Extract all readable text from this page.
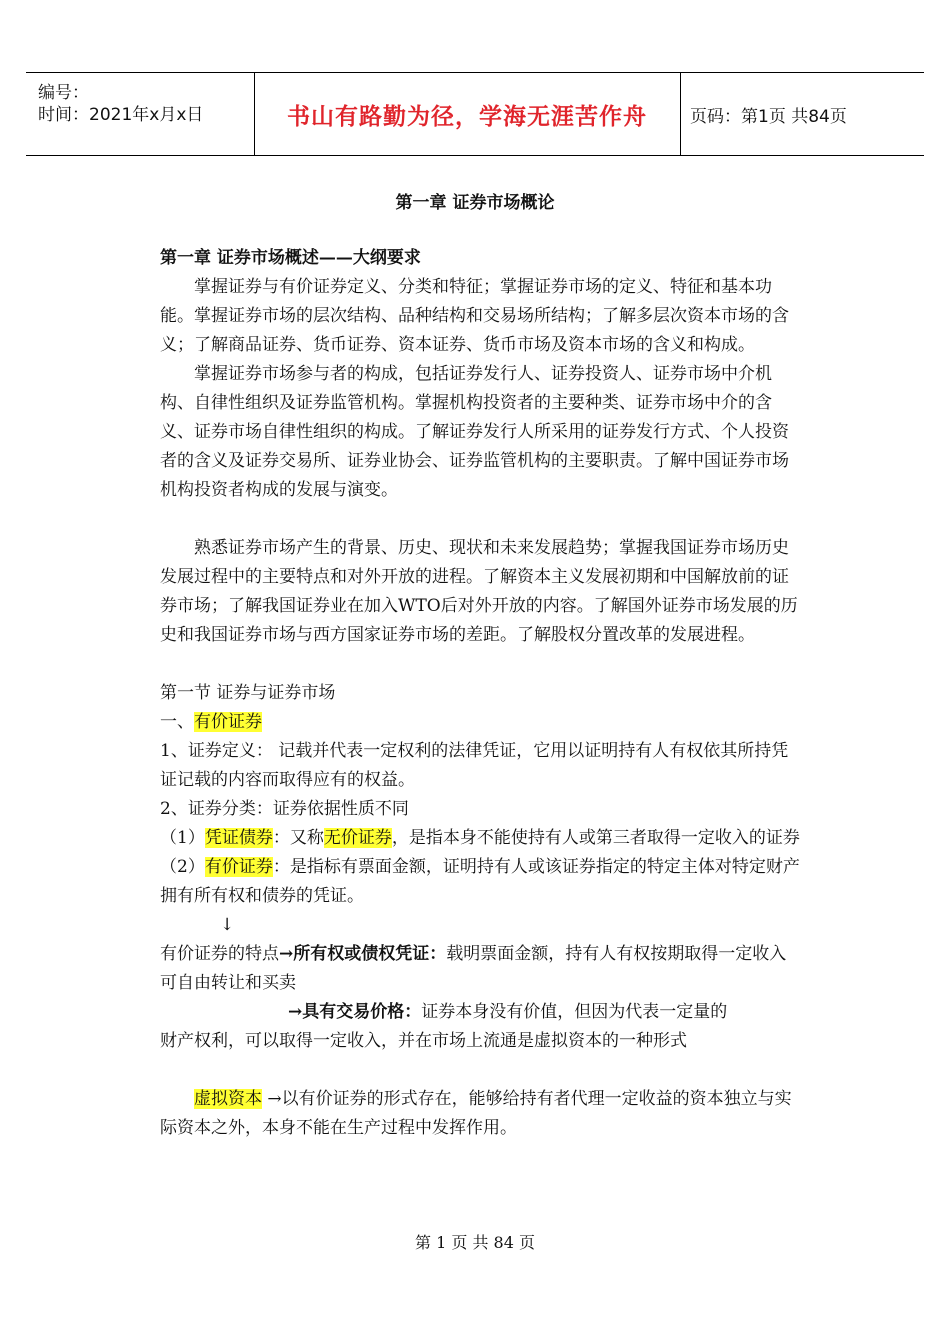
编号：
时间：2021年x月x日	书山有路勤为径，学海无涯苦作舟	页码：第1页 共84页
第一章 证券市场概论

第一章 证券市场概述——大纲要求

掌握证券与有价证券定义、分类和特征；掌握证券市场的定义、特征和基本功能。掌握证券市场的层次结构、品种结构和交易场所结构；了解多层次资本市场的含义；了解商品证券、货币证券、资本证券、货币市场及资本市场的含义和构成。

掌握证券市场参与者的构成，包括证券发行人、证券投资人、证券市场中介机构、自律性组织及证券监管机构。掌握机构投资者的主要种类、证券市场中介的含义、证券市场自律性组织的构成。了解证券发行人所采用的证券发行方式、个人投资者的含义及证券交易所、证券业协会、证券监管机构的主要职责。了解中国证券市场机构投资者构成的发展与演变。

熟悉证券市场产生的背景、历史、现状和未来发展趋势；掌握我国证券市场历史发展过程中的主要特点和对外开放的进程。了解资本主义发展初期和中国解放前的证券市场；了解我国证券业在加入WTO后对外开放的内容。了解国外证券市场发展的历史和我国证券市场与西方国家证券市场的差距。了解股权分置改革的发展进程。

第一节 证券与证券市场

一、有价证券

1、证券定义： 记载并代表一定权利的法律凭证，它用以证明持有人有权依其所持凭证记载的内容而取得应有的权益。

2、证券分类：证券依据性质不同

（1）凭证债券：又称无价证券，是指本身不能使持有人或第三者取得一定收入的证券

（2）有价证券：是指标有票面金额，证明持有人或该证券指定的特定主体对特定财产拥有所有权和债券的凭证。

↓

有价证券的特点→所有权或债权凭证：载明票面金额，持有人有权按期取得一定收入可自由转让和买卖

→具有交易价格：证券本身没有价值，但因为代表一定量的

财产权利，可以取得一定收入，并在市场上流通是虚拟资本的一种形式

虚拟资本 →以有价证券的形式存在，能够给持有者代理一定收益的资本独立与实际资本之外，本身不能在生产过程中发挥作用。

第 1 页 共 84 页
